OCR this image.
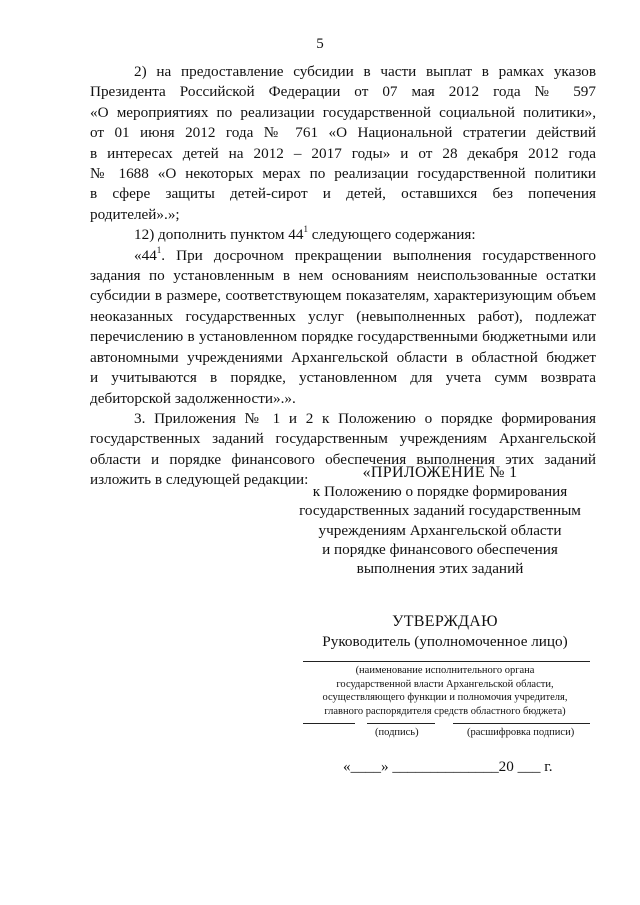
5
2) на предоставление субсидии в части выплат в рамках указов
Президента Российской Федерации от 07 мая 2012 года № 597
«О мероприятиях по реализации государственной социальной политики»,
от 01 июня 2012 года № 761 «О Национальной стратегии действий
в интересах детей на 2012 – 2017 годы» и от 28 декабря 2012 года
№ 1688 «О некоторых мерах по реализации государственной политики
в сфере защиты детей-сирот и детей, оставшихся без попечения
родителей».»;
12) дополнить пунктом $44^1$ следующего содержания:
«$44^1$. При досрочном прекращении выполнения государственного
задания по установленным в нем основаниям неиспользованные остатки
субсидии в размере, соответствующем показателям, характеризующим объем
неоказанных государственных услуг (невыполненных работ), подлежат
перечислению в установленном порядке государственными бюджетными или
автономными учреждениями Архангельской области в областной бюджет
и учитываются в порядке, установленном для учета сумм возврата
дебиторской задолженности».».
3. Приложения № 1 и 2 к Положению о порядке формирования
государственных заданий государственным учреждениям Архангельской
области и порядке финансового обеспечения выполнения этих заданий
изложить в следующей редакции:	«ПРИЛОЖЕНИЕ № 1
к Положению о порядке формирования
государственных заданий государственным
учреждениям Архангельской области
и порядке финансового обеспечения
выполнения этих заданий
УТВЕРЖДАЮ
Руководитель (уполномоченное лицо)
(наименование исполнительного органа
государственной власти Архангельской области,
осуществляющего функции и полномочия учредителя,
главного распорядителя средств областного бюджета)
(подпись)	(расшифровка подписи)
«____» ______________20 ___ г.
